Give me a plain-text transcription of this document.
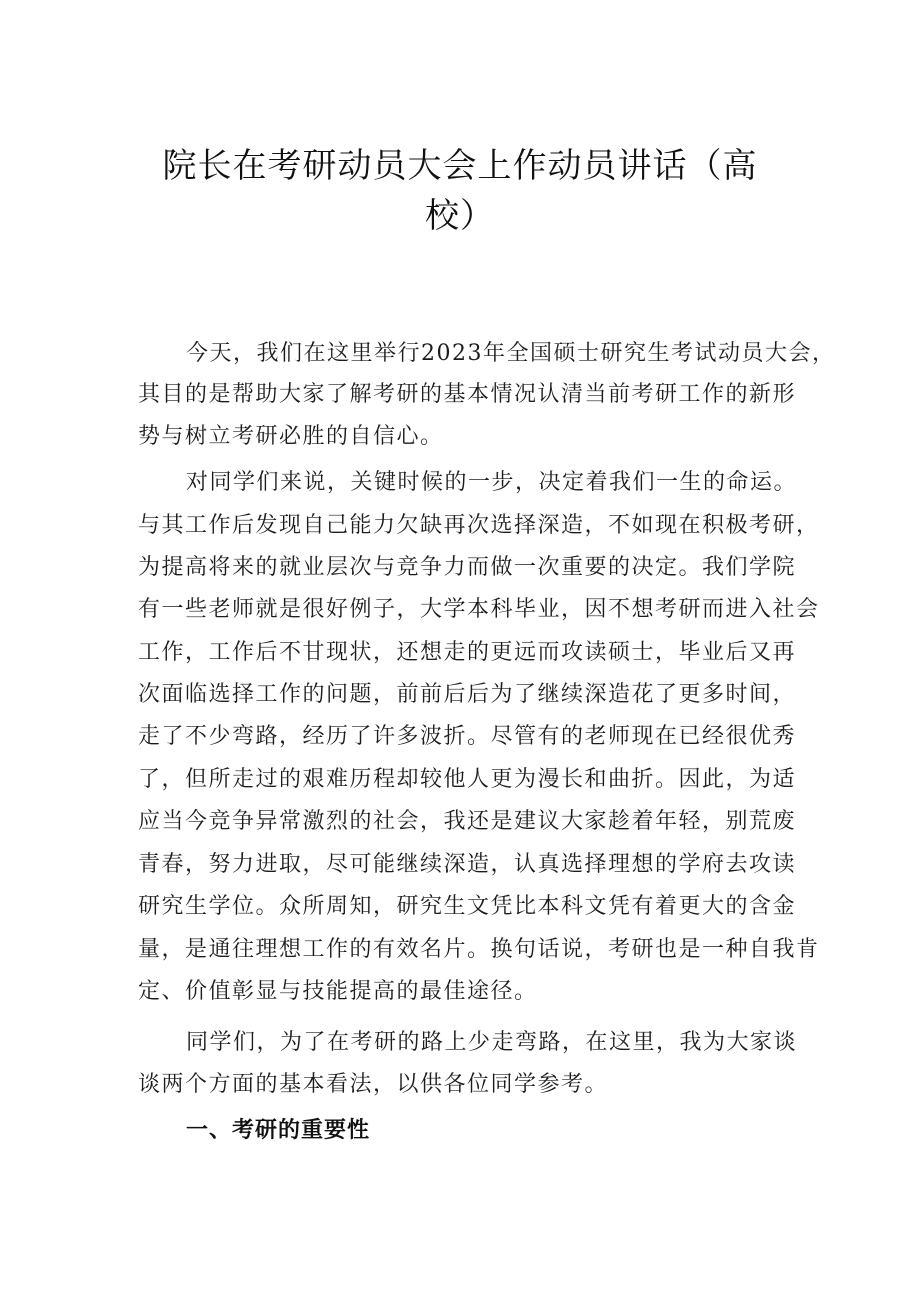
院长在考研动员大会上作动员讲话（高
校）
今天，我们在这里举行2023年全国硕士研究生考试动员大会，
其目的是帮助大家了解考研的基本情况认清当前考研工作的新形
势与树立考研必胜的自信心。
对同学们来说，关键时候的一步，决定着我们一生的命运。
与其工作后发现自己能力欠缺再次选择深造，不如现在积极考研，
为提高将来的就业层次与竞争力而做一次重要的决定。我们学院
有一些老师就是很好例子，大学本科毕业，因不想考研而进入社会
工作，工作后不甘现状，还想走的更远而攻读硕士，毕业后又再
次面临选择工作的问题，前前后后为了继续深造花了更多时间，
走了不少弯路，经历了许多波折。尽管有的老师现在已经很优秀
了，但所走过的艰难历程却较他人更为漫长和曲折。因此，为适
应当今竞争异常激烈的社会，我还是建议大家趁着年轻，别荒废
青春，努力进取，尽可能继续深造，认真选择理想的学府去攻读
研究生学位。众所周知，研究生文凭比本科文凭有着更大的含金
量，是通往理想工作的有效名片。换句话说，考研也是一种自我肯
定、价值彰显与技能提高的最佳途径。
同学们，为了在考研的路上少走弯路，在这里，我为大家谈
谈两个方面的基本看法，以供各位同学参考。
一、考研的重要性
